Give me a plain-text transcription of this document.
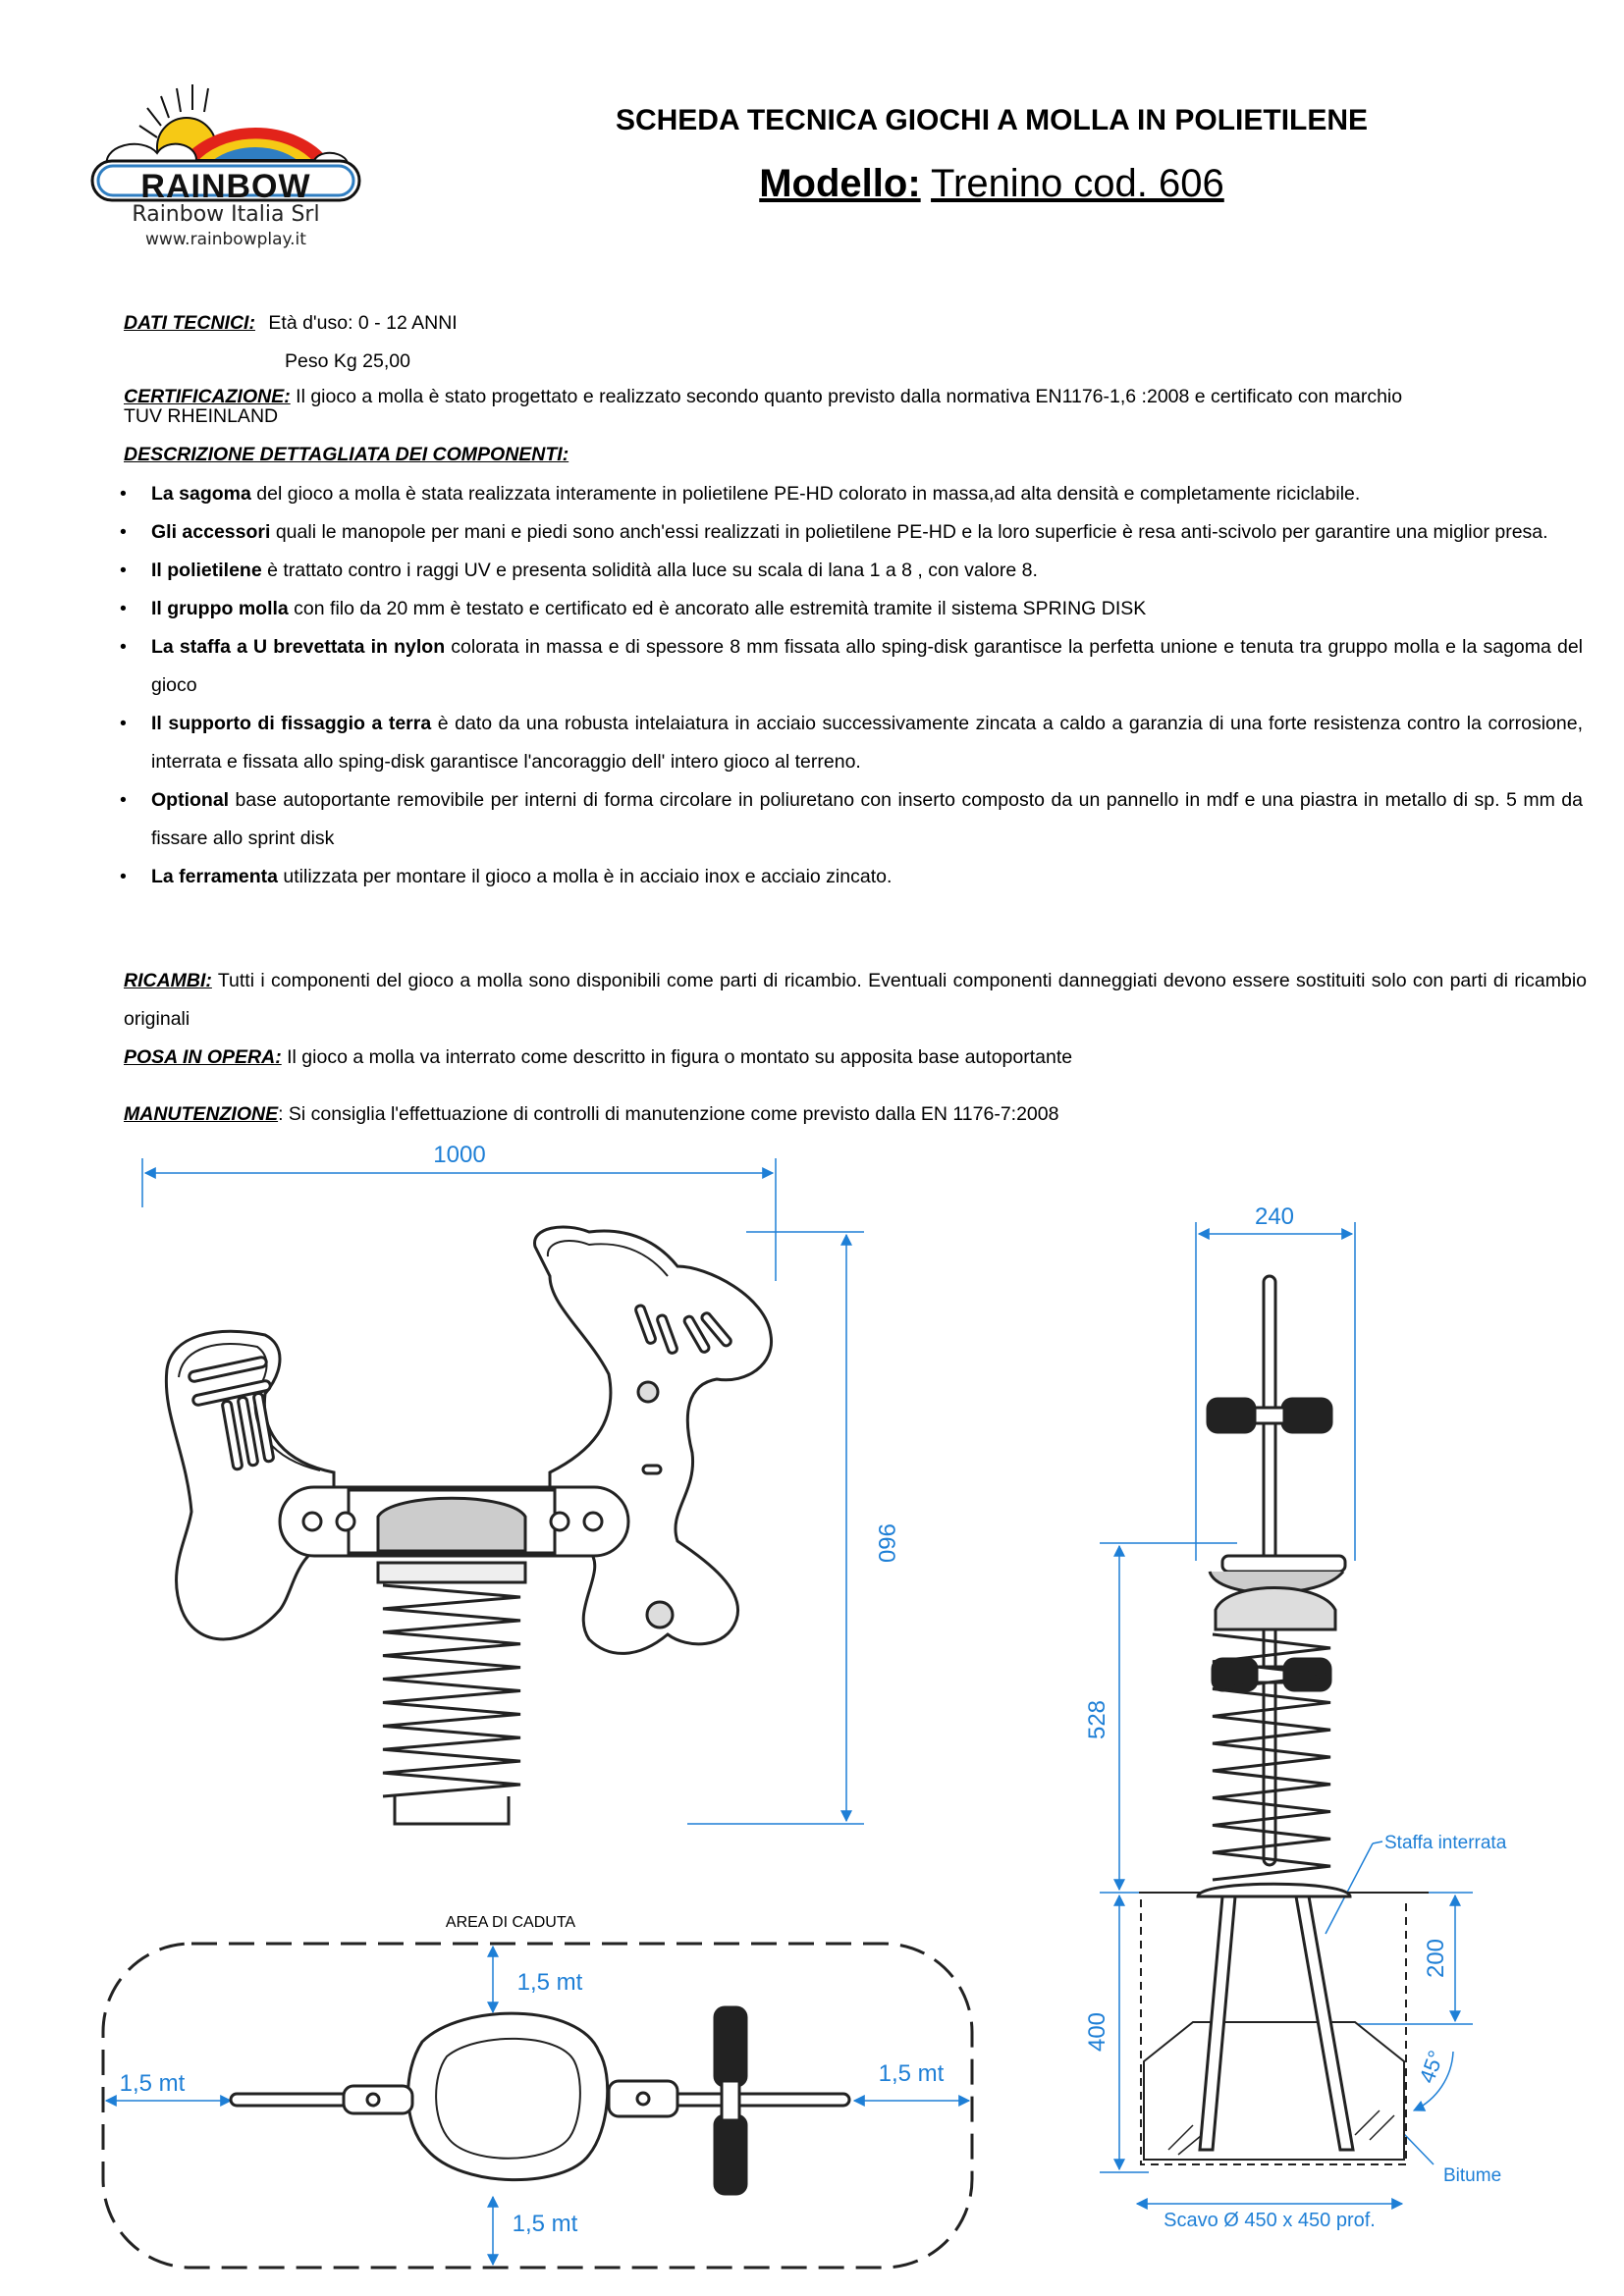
RAINBOW
Rainbow Italia Srl
www.rainbowplay.it
SCHEDA TECNICA GIOCHI A MOLLA IN POLIETILENE
Modello: Trenino cod. 606
DATI TECNICI: Età d'uso: 0 - 12 ANNI
Peso Kg 25,00
CERTIFICAZIONE: Il gioco a molla è stato progettato e realizzato secondo quanto previsto dalla normativa EN1176-1,6 :2008 e certificato con marchio
TUV RHEINLAND
DESCRIZIONE DETTAGLIATA DEI COMPONENTI:
• La sagoma del gioco a molla è stata realizzata interamente in polietilene PE-HD colorato in massa,ad alta densità e completamente riciclabile.
• Gli accessori quali le manopole per mani e piedi sono anch'essi realizzati in polietilene PE-HD e la loro superficie è resa anti-scivolo per garantire una miglior presa.
• Il polietilene è trattato contro i raggi UV e presenta solidità alla luce su scala di lana 1 a 8 , con valore 8.
• Il gruppo molla con filo da 20 mm è testato e certificato ed è ancorato alle estremità tramite il sistema SPRING DISK
• La staffa a U brevettata in nylon colorata in massa e di spessore 8 mm fissata allo sping-disk garantisce la perfetta unione e tenuta tra gruppo molla e la sagoma del gioco
• Il supporto di fissaggio a terra è dato da una robusta intelaiatura in acciaio successivamente zincata a caldo a garanzia di una forte resistenza contro la corrosione, interrata e fissata allo sping-disk garantisce l'ancoraggio dell' intero gioco al terreno.
• Optional base autoportante removibile per interni di forma circolare in poliuretano con inserto composto da un pannello in mdf e una piastra in metallo di sp. 5 mm da fissare allo sprint disk
• La ferramenta utilizzata per montare il gioco a molla è in acciaio inox e acciaio zincato.
RICAMBI: Tutti i componenti del gioco a molla sono disponibili come parti di ricambio. Eventuali componenti danneggiati devono essere sostituiti solo con parti di ricambio originali
POSA IN OPERA: Il gioco a molla va interrato come descritto in figura o montato su apposita base autoportante
MANUTENZIONE: Si consiglia l'effettuazione di controlli di manutenzione come previsto dalla EN 1176-7:2008
1000
960
240
528
400
200
45°
Staffa interrata
Bitume
Scavo Ø 450 x 450 prof.
AREA DI CADUTA
1,5 mt
1,5 mt
1,5 mt	1,5 mt
